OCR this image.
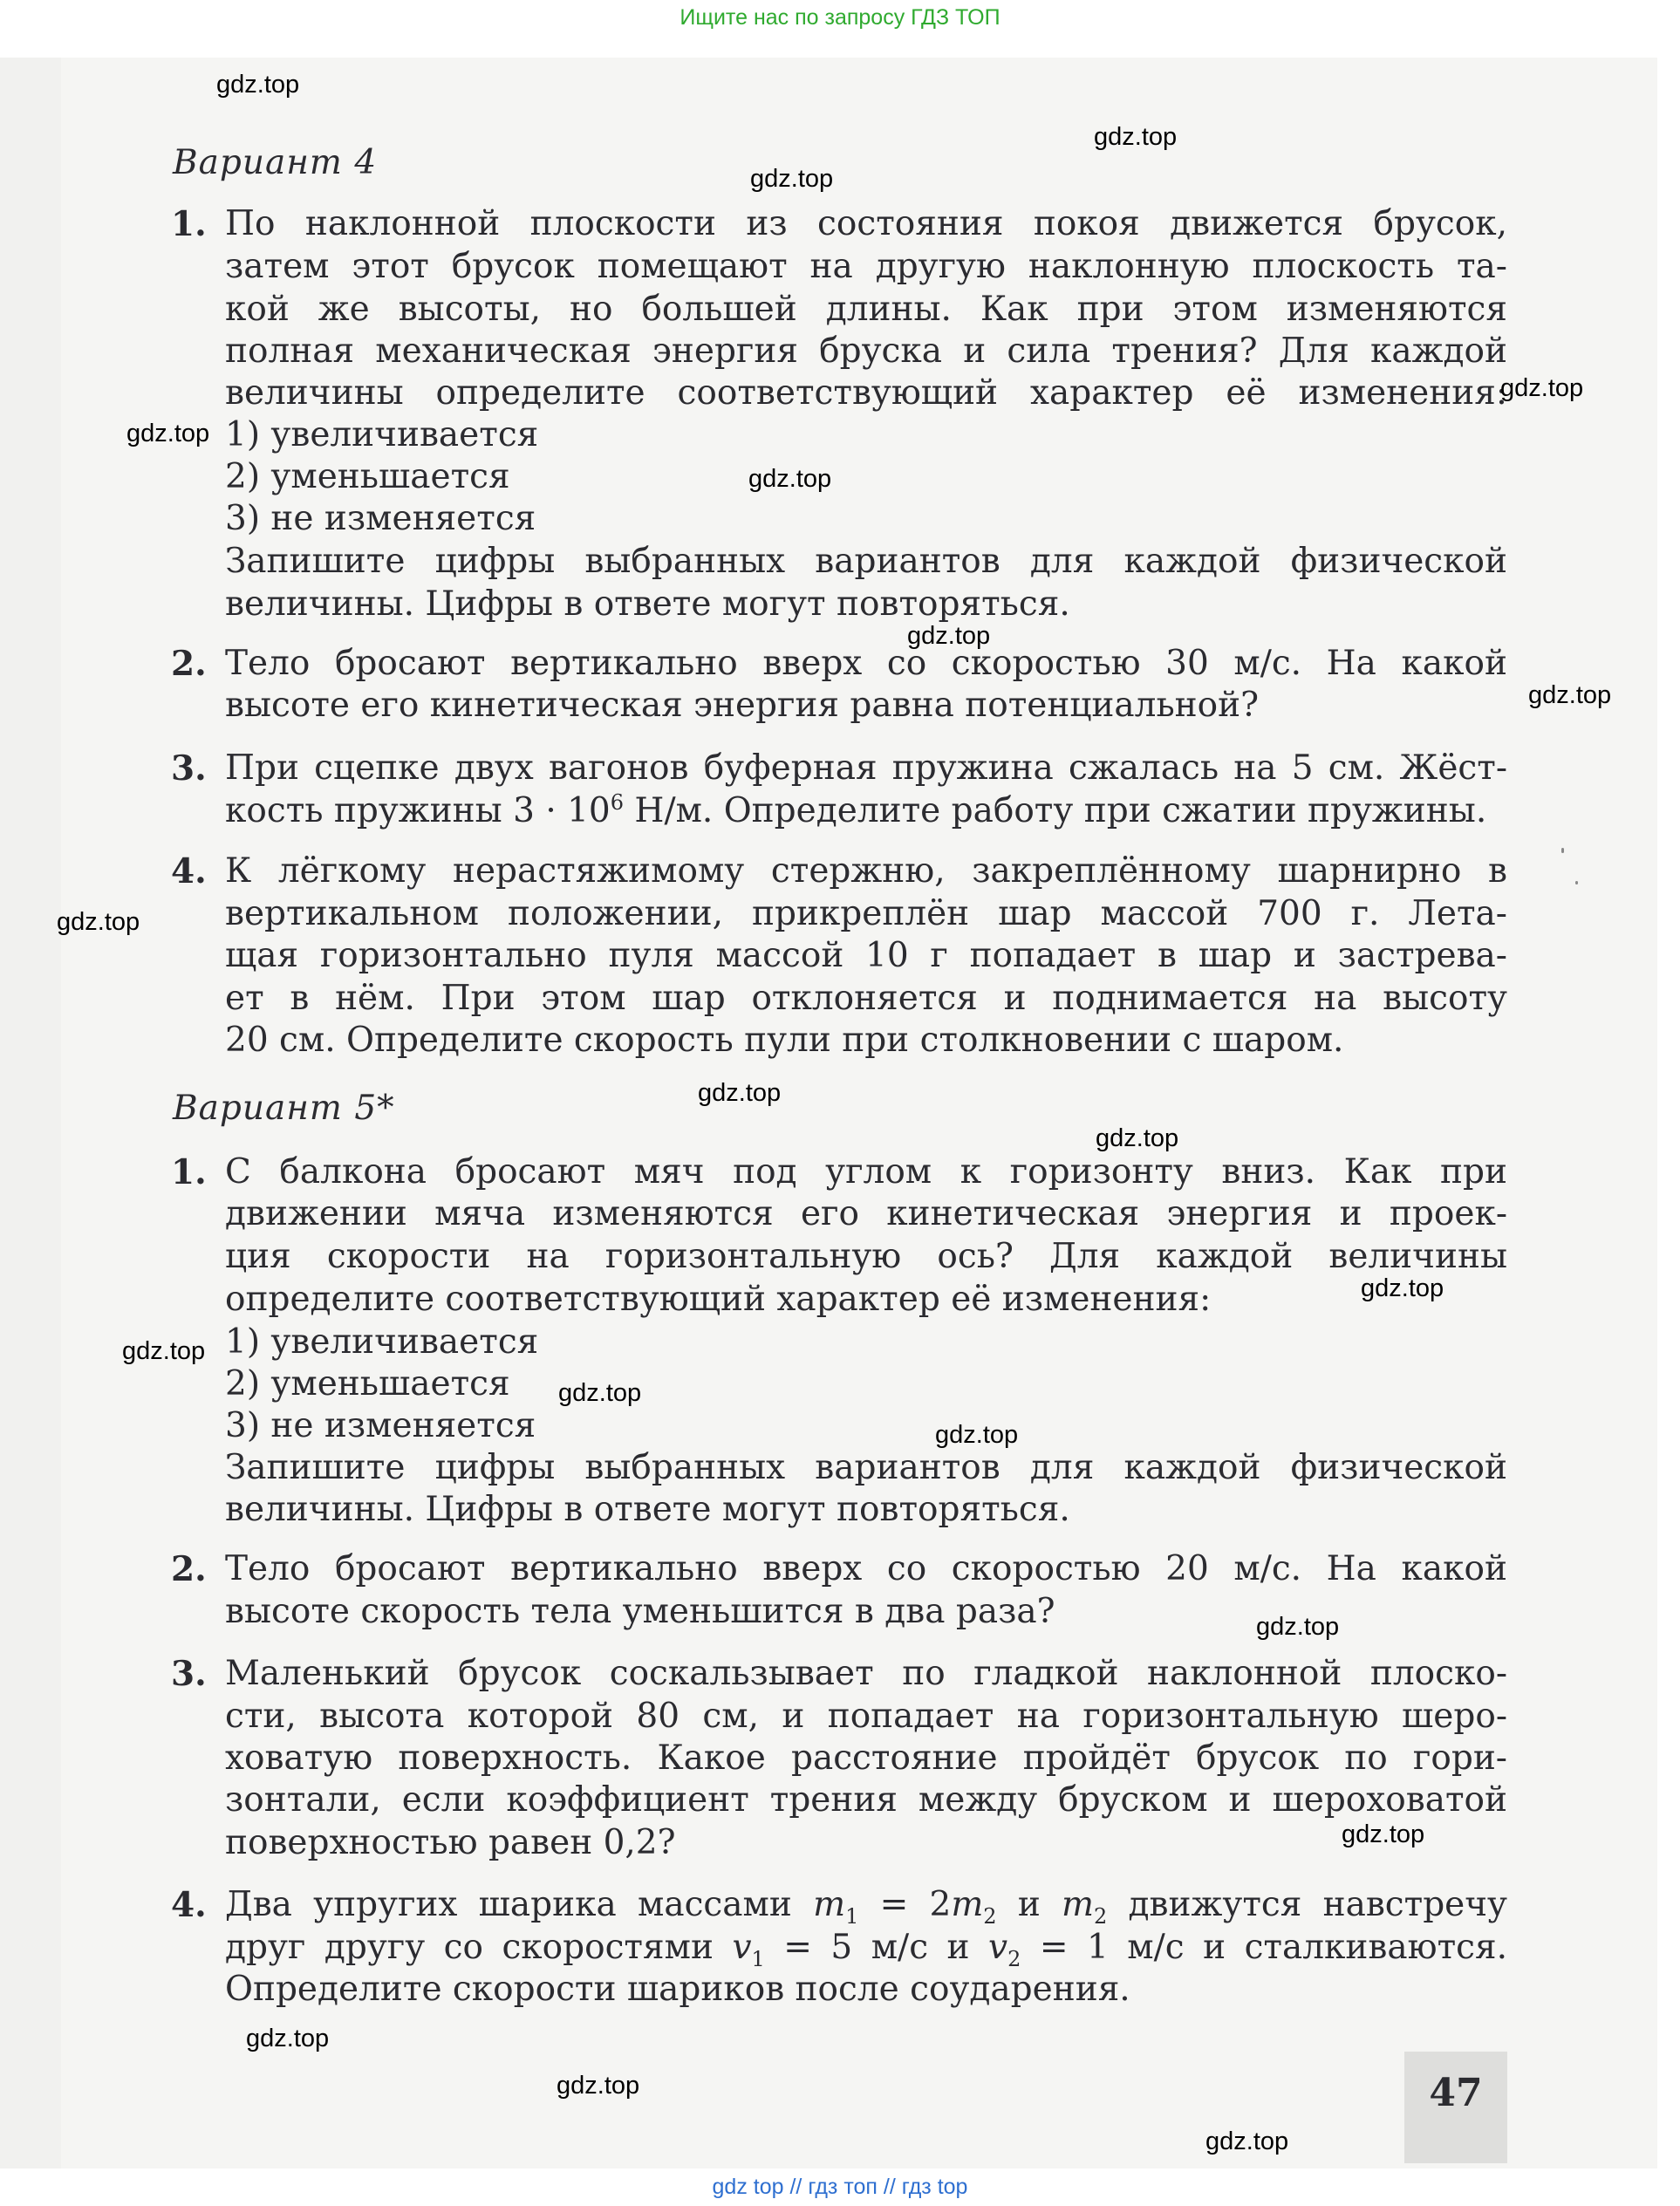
Ищите нас по запросу ГДЗ ТОП
Вариант 4
1. По наклонной плоскости из состояния покоя движется брусок,
затем этот брусок помещают на другую наклонную плоскость та-
кой же высоты, но большей длины. Как при этом изменяются
полная механическая энергия бруска и сила трения? Для каждой
величины определите соответствующий характер её изменения:
1) увеличивается
2) уменьшается
3) не изменяется
Запишите цифры выбранных вариантов для каждой физической
величины. Цифры в ответе могут повторяться.
2. Тело бросают вертикально вверх со скоростью 30 м/с. На какой
высоте его кинетическая энергия равна потенциальной?
3. При сцепке двух вагонов буферная пружина сжалась на 5 см. Жёст-
кость пружины $3 \cdot 10^6$ Н/м. Определите работу при сжатии пружины.
4. К лёгкому нерастяжимому стержню, закреплённому шарнирно в
вертикальном положении, прикреплён шар массой 700 г. Лета-
щая горизонтально пуля массой 10 г попадает в шар и застрева-
ет в нём. При этом шар отклоняется и поднимается на высоту
20 см. Определите скорость пули при столкновении с шаром.
Вариант 5*
1. С балкона бросают мяч под углом к горизонту вниз. Как при
движении мяча изменяются его кинетическая энергия и проек-
ция скорости на горизонтальную ось? Для каждой величины
определите соответствующий характер её изменения:
1) увеличивается
2) уменьшается
3) не изменяется
Запишите цифры выбранных вариантов для каждой физической
величины. Цифры в ответе могут повторяться.
2. Тело бросают вертикально вверх со скоростью 20 м/с. На какой
высоте скорость тела уменьшится в два раза?
3. Маленький брусок соскальзывает по гладкой наклонной плоско-
сти, высота которой 80 см, и попадает на горизонтальную шеро-
ховатую поверхность. Какое расстояние пройдёт брусок по гори-
зонтали, если коэффициент трения между бруском и шероховатой
поверхностью равен 0,2?
4. Два упругих шарика массами $m_1 = 2m_2$ и $m_2$ движутся навстречу
друг другу со скоростями $v_1 = 5$ м/с и $v_2 = 1$ м/с и сталкиваются.
Определите скорости шариков после соударения.
47
gdz.top
gdz.top
gdz.top
gdz.top
gdz.top
gdz.top
gdz.top
gdz.top
gdz.top
gdz.top
gdz.top
gdz.top
gdz.top
gdz.top
gdz.top
gdz.top
gdz.top
gdz.top
gdz.top
gdz.top
gdz top // гдз топ // гдз top
